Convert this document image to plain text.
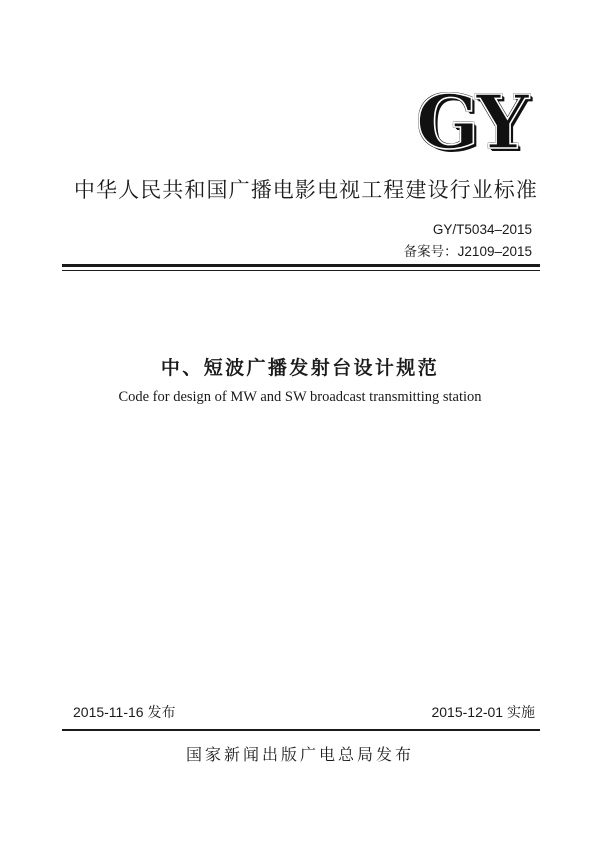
GY
中华人民共和国广播电影电视工程建设行业标准
GY/T5034–2015
备案号：J2109–2015
中、短波广播发射台设计规范
Code for design of MW and SW broadcast transmitting station
2015-11-16 发布	2015-12-01 实施
国家新闻出版广电总局发布
